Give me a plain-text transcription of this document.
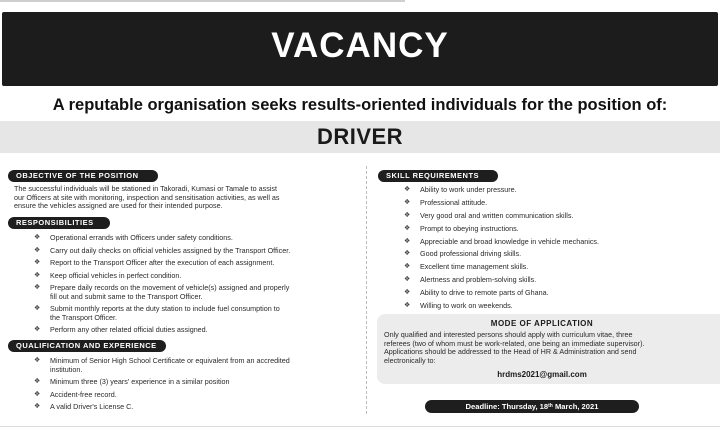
VACANCY
A reputable organisation seeks results-oriented individuals for the position of:
DRIVER
OBJECTIVE OF THE POSITION
The successful individuals will be stationed in Takoradi, Kumasi or Tamale to assist
our Officers at site with monitoring, inspection and sensitisation activities, as well as
ensure the vehicles assigned are used for their intended purpose.
RESPONSIBILITIES
❖ Operational errands with Officers under safety conditions.
❖ Carry out daily checks on official vehicles assigned by the Transport Officer.
❖ Report to the Transport Officer after the execution of each assignment.
❖ Keep official vehicles in perfect condition.
❖ Prepare daily records on the movement of vehicle(s) assigned and properly
fill out and submit same to the Transport Officer.
❖ Submit monthly reports at the duty station to include fuel consumption to
the Transport Officer.
❖ Perform any other related official duties assigned.
QUALIFICATION AND EXPERIENCE
❖ Minimum of Senior High School Certificate or equivalent from an accredited
institution.
❖ Minimum three (3) years' experience in a similar position
❖ Accident-free record.
❖ A valid Driver's License C.
SKILL REQUIREMENTS
❖ Ability to work under pressure.
❖ Professional attitude.
❖ Very good oral and written communication skills.
❖ Prompt to obeying instructions.
❖ Appreciable and broad knowledge in vehicle mechanics.
❖ Good professional driving skills.
❖ Excellent time management skills.
❖ Alertness and problem-solving skills.
❖ Ability to drive to remote parts of Ghana.
❖ Willing to work on weekends.
MODE OF APPLICATION
Only qualified and interested persons should apply with curriculum vitae, three
referees (two of whom must be work-related, one being an immediate supervisor).
Applications should be addressed to the Head of HR & Administration and send
electronically to:
hrdms2021@gmail.com
Deadline: Thursday, 18th March, 2021
